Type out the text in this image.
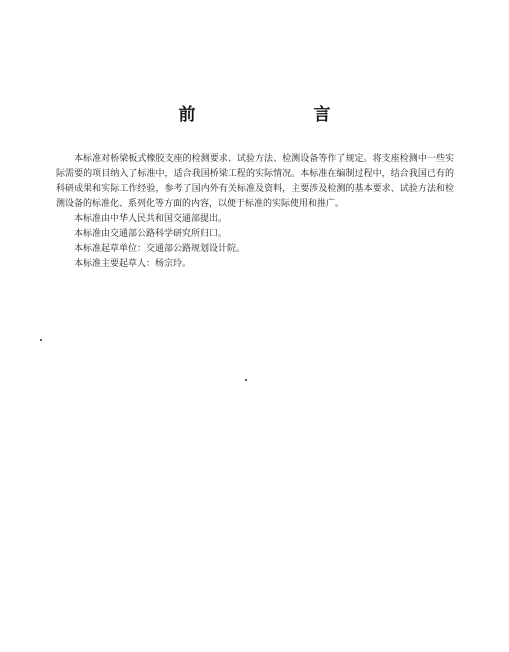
前 言

本标准对桥梁板式橡胶支座的检测要求、试验方法、检测设备等作了规定。将支座检测中一些实际需要的项目纳入了标准中，适合我国桥梁工程的实际情况。本标准在编制过程中，结合我国已有的科研成果和实际工作经验，参考了国内外有关标准及资料，主要涉及检测的基本要求、试验方法和检测设备的标准化、系列化等方面的内容，以便于标准的实际使用和推广。

本标准由中华人民共和国交通部提出。

本标准由交通部公路科学研究所归口。

本标准起草单位：交通部公路规划设计院。

本标准主要起草人：杨宗玲。
